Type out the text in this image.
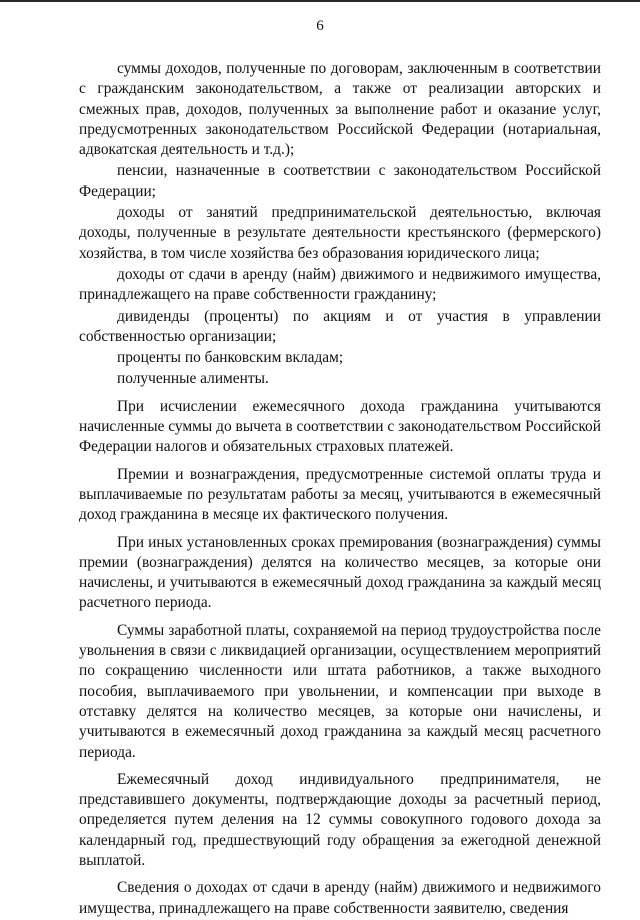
6

суммы доходов, полученные по договорам, заключенным в соответствии с гражданским законодательством, а также от реализации авторских и смежных прав, доходов, полученных за выполнение работ и оказание услуг, предусмотренных законодательством Российской Федерации (нотариальная, адвокатская деятельность и т.д.);

пенсии, назначенные в соответствии с законодательством Российской Федерации;

доходы от занятий предпринимательской деятельностью, включая доходы, полученные в результате деятельности крестьянского (фермерского) хозяйства, в том числе хозяйства без образования юридического лица;

доходы от сдачи в аренду (найм) движимого и недвижимого имущества, принадлежащего на праве собственности гражданину;

дивиденды (проценты) по акциям и от участия в управлении собственностью организации;

проценты по банковским вкладам;

полученные алименты.

При исчислении ежемесячного дохода гражданина учитываются начисленные суммы до вычета в соответствии с законодательством Российской Федерации налогов и обязательных страховых платежей.

Премии и вознаграждения, предусмотренные системой оплаты труда и выплачиваемые по результатам работы за месяц, учитываются в ежемесячный доход гражданина в месяце их фактического получения.

При иных установленных сроках премирования (вознаграждения) суммы премии (вознаграждения) делятся на количество месяцев, за которые они начислены, и учитываются в ежемесячный доход гражданина за каждый месяц расчетного периода.

Суммы заработной платы, сохраняемой на период трудоустройства после увольнения в связи с ликвидацией организации, осуществлением мероприятий по сокращению численности или штата работников, а также выходного пособия, выплачиваемого при увольнении, и компенсации при выходе в отставку делятся на количество месяцев, за которые они начислены, и учитываются в ежемесячный доход гражданина за каждый месяц расчетного периода.

Ежемесячный доход индивидуального предпринимателя, не представившего документы, подтверждающие доходы за расчетный период, определяется путем деления на 12 суммы совокупного годового дохода за календарный год, предшествующий году обращения за ежегодной денежной выплатой.

Сведения о доходах от сдачи в аренду (найм) движимого и недвижимого имущества, принадлежащего на праве собственности заявителю, сведения
